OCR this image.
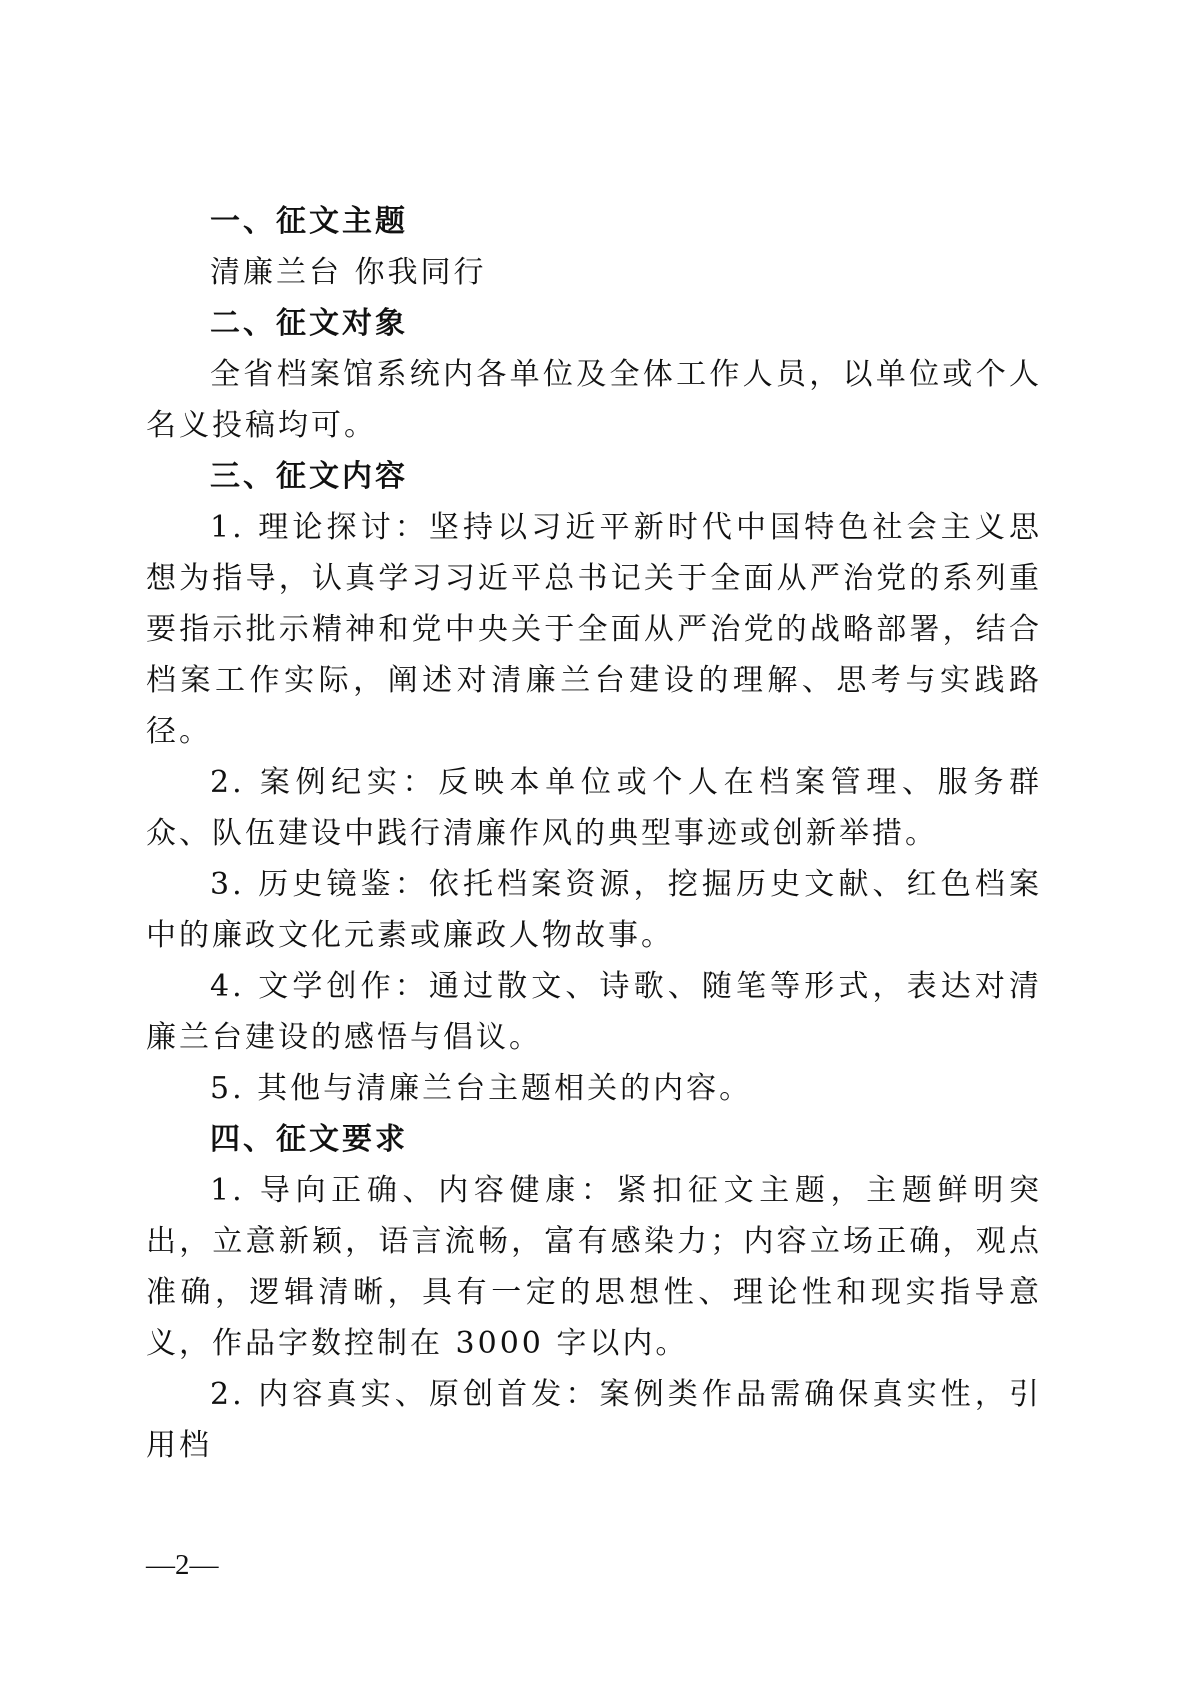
一、征文主题

清廉兰台 你我同行

二、征文对象

全省档案馆系统内各单位及全体工作人员，以单位或个人名义投稿均可。

三、征文内容

1. 理论探讨：坚持以习近平新时代中国特色社会主义思想为指导，认真学习习近平总书记关于全面从严治党的系列重要指示批示精神和党中央关于全面从严治党的战略部署，结合档案工作实际，阐述对清廉兰台建设的理解、思考与实践路径。

2. 案例纪实：反映本单位或个人在档案管理、服务群众、队伍建设中践行清廉作风的典型事迹或创新举措。

3. 历史镜鉴：依托档案资源，挖掘历史文献、红色档案中的廉政文化元素或廉政人物故事。

4. 文学创作：通过散文、诗歌、随笔等形式，表达对清廉兰台建设的感悟与倡议。

5. 其他与清廉兰台主题相关的内容。

四、征文要求

1. 导向正确、内容健康：紧扣征文主题，主题鲜明突出，立意新颖，语言流畅，富有感染力；内容立场正确，观点准确，逻辑清晰，具有一定的思想性、理论性和现实指导意义，作品字数控制在 3000 字以内。

2. 内容真实、原创首发：案例类作品需确保真实性，引用档

—2—
